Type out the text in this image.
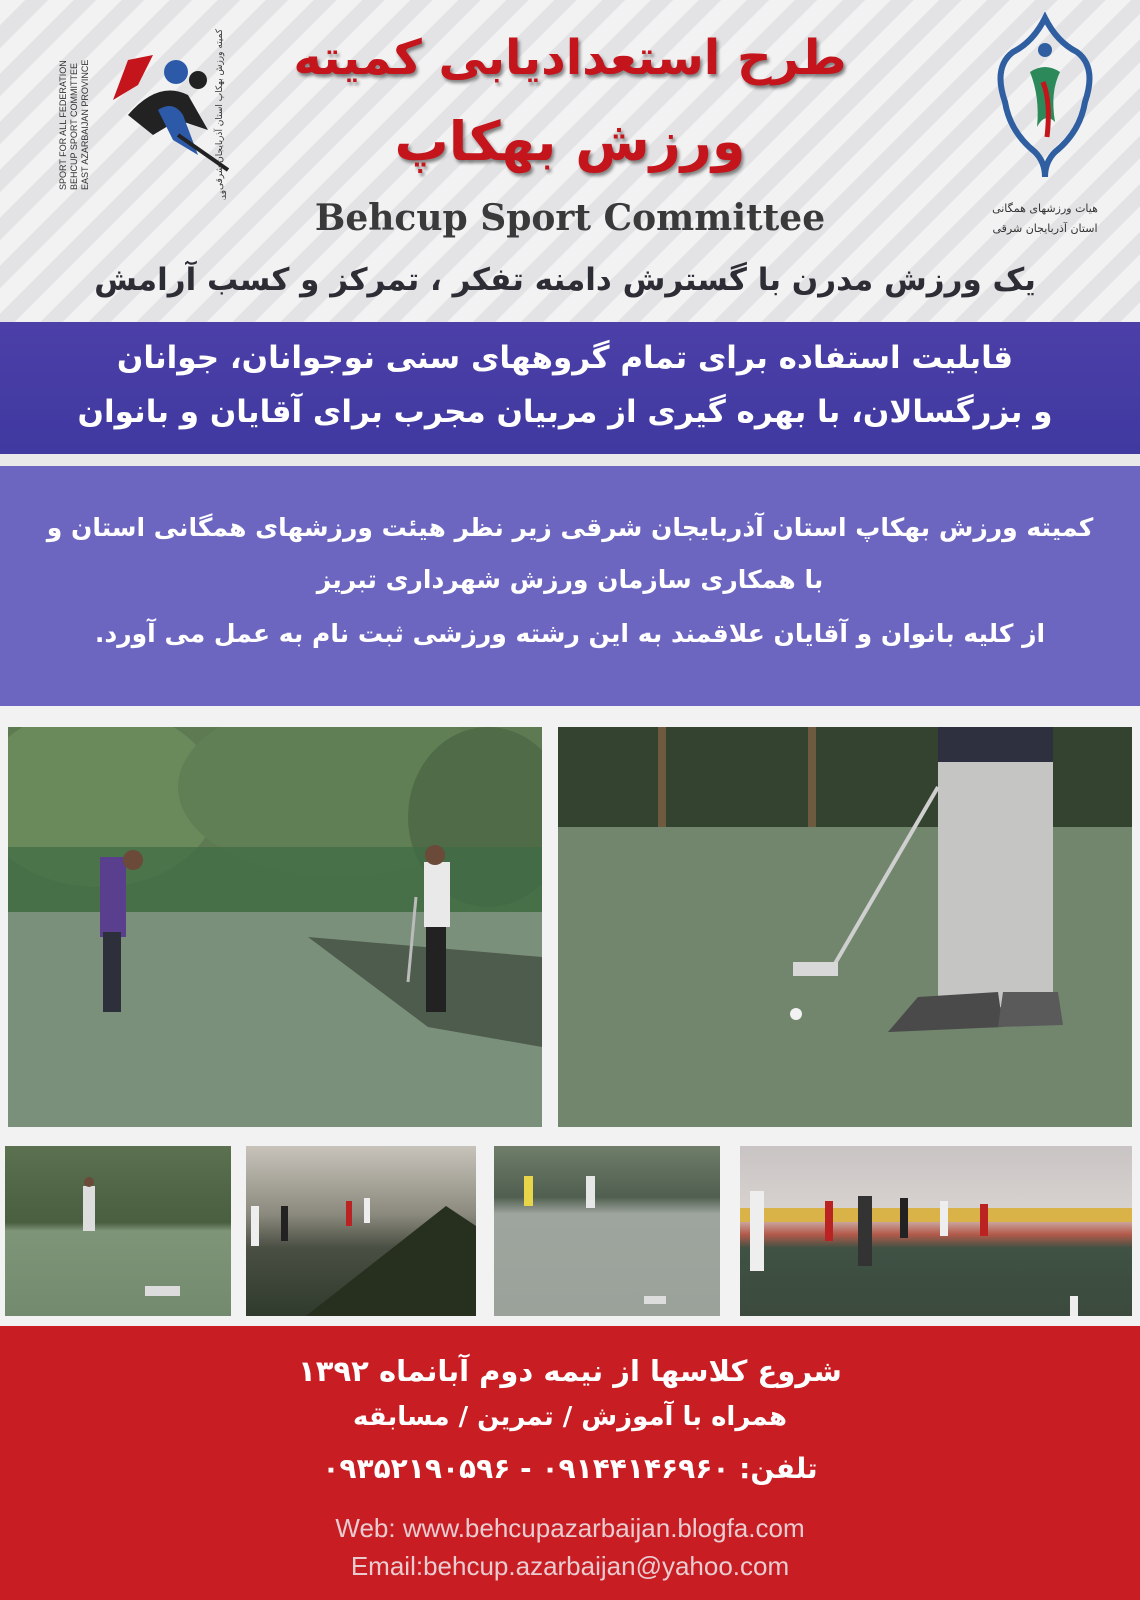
SPORT FOR ALL FEDERATION BEHCUP SPORT COMMITTEE EAST AZARBAIJAN PROVINCE	کمیته ورزش بهکاپ استان آذربایجان شرقی	طرح استعدادیابی کمیته
ورزش بهکاپ
Behcup Sport Committee	هیات ورزشهای همگانی
استان آذربایجان شرقی
یک ورزش مدرن با گسترش دامنه تفکر ، تمرکز و کسب آرامش
قابلیت استفاده برای تمام گروههای سنی نوجوانان، جوانان
و بزرگسالان، با بهره گیری از مربیان مجرب برای آقایان و بانوان
کمیته ورزش بهکاپ استان آذربایجان شرقی زیر نظر هیئت ورزشهای همگانی استان و
با همکاری سازمان ورزش شهرداری تبریز
از کلیه بانوان و آقایان علاقمند به این رشته ورزشی ثبت نام به عمل می آورد.
شروع کلاسها از نیمه دوم آبانماه ۱۳۹۲
همراه با آموزش / تمرین / مسابقه
تلفن: ۰۹۱۴۴۱۴۶۹۶۰ - ۰۹۳۵۲۱۹۰۵۹۶
Web: www.behcupazarbaijan.blogfa.com
Email:behcup.azarbaijan@yahoo.com
